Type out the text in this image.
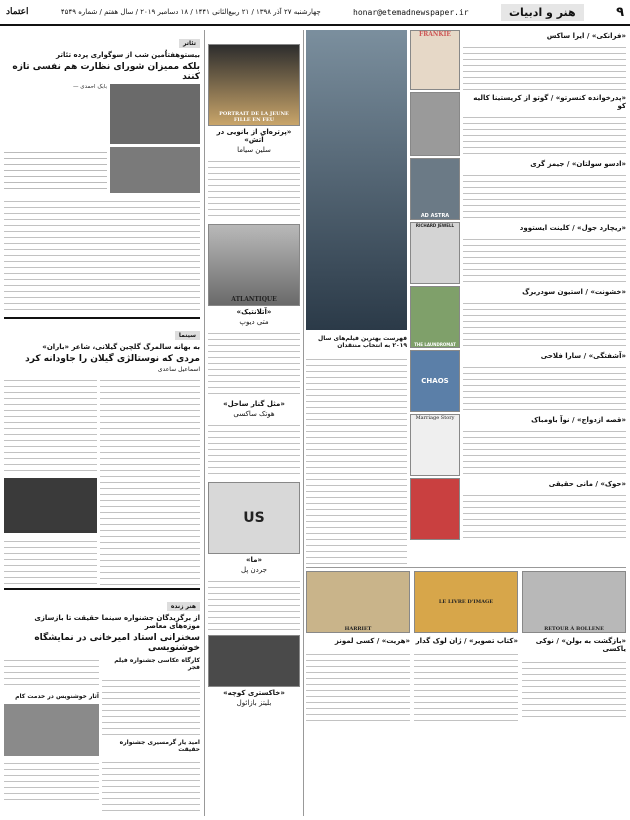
۹
هنر و ادبیات
honar@etemadnewspaper.ir
چهارشنبه ۲۷ آذر ۱۳۹۸ / ۲۱ ربیع‌الثانی ۱۴۴۱ / ۱۸ دسامبر ۲۰۱۹ / سال هفتم / شماره ۴۵۴۹
اعتماد
تئاتر
بیستوهفتاُمین شب از سوگواری پرده تئاتر
بلکه ممیزان شورای نظارت هم نفسی تازه کنند
بابک احمدی — ‌‌‌‌‌‌‌‌‌‌‌‌‌‌‌‌‌‌‌‌‌‌‌‌‌‌‌‌‌‌‌‌‌‌‌‌‌‌‌‌‌‌‌‌‌‌‌‌‌‌‌‌‌‌‌‌‌‌‌‌‌‌‌‌‌‌‌‌‌‌‌‌‌‌‌‌‌‌‌‌‌‌‌‌‌‌‌‌‌‌‌‌‌‌
سینما
به بهانه سالمرگ گلچین گیلانی، شاعر «باران»
مردی که نوستالژی گیلان را جاودانه کرد
اسماعیل ساعدی
هنر زنده
از برگزیدگان جشنواره سینما حقیقت تا بازسازی موزه‌های معاصر
سخنرانی استاد امیرخانی در نمایشگاه خوشنویسی
کارگاه عکاسی جشنواره فیلم فجر
امید یار گرمسیری جشنواره حقیقت
آثار خوشنویس در خدمت کام
PORTRAIT DE LA JEUNE FILLE EN FEU
«پرتره‌ای از بانویی در آتش»
سلین سیاما
ATLANTIQUE
«آتلانتیک»
متی دیوپ
«مثل گنار ساحل»
هوتک ساکسی
US
«ما»
جردن پل
«خاکستری کوچه»
بلیتز بازائول
«فرانکی» / ایرا ساکس
FRANKIE
«پدرخوانده کنسرتو» / گوتو از کریستینا کالیه کو
«ادسو سولتان» / جیمز گری
AD ASTRA
«ریچارد جول» / کلینت ایستوود
RICHARD JEWELL
«خشونت» / استیون سودربرگ
THE LAUNDROMAT
«آشفتگی» / سارا فلاحی
CHAOS
«قصه ازدواج» / نوآ باومباک
Marriage Story
«حوک» / مانی حقیقی
فهرست بهترین فیلم‌های سال ۲۰۱۹ به انتخاب منتقدان
RETOUR À BOLLENE
«بازگشت به بولن» / نوکی یاکسی
LE LIVRE D'IMAGE
«کتاب تصویر» / ژان لوک گدار
HARRIET
«هریت» / کسی لمونز
